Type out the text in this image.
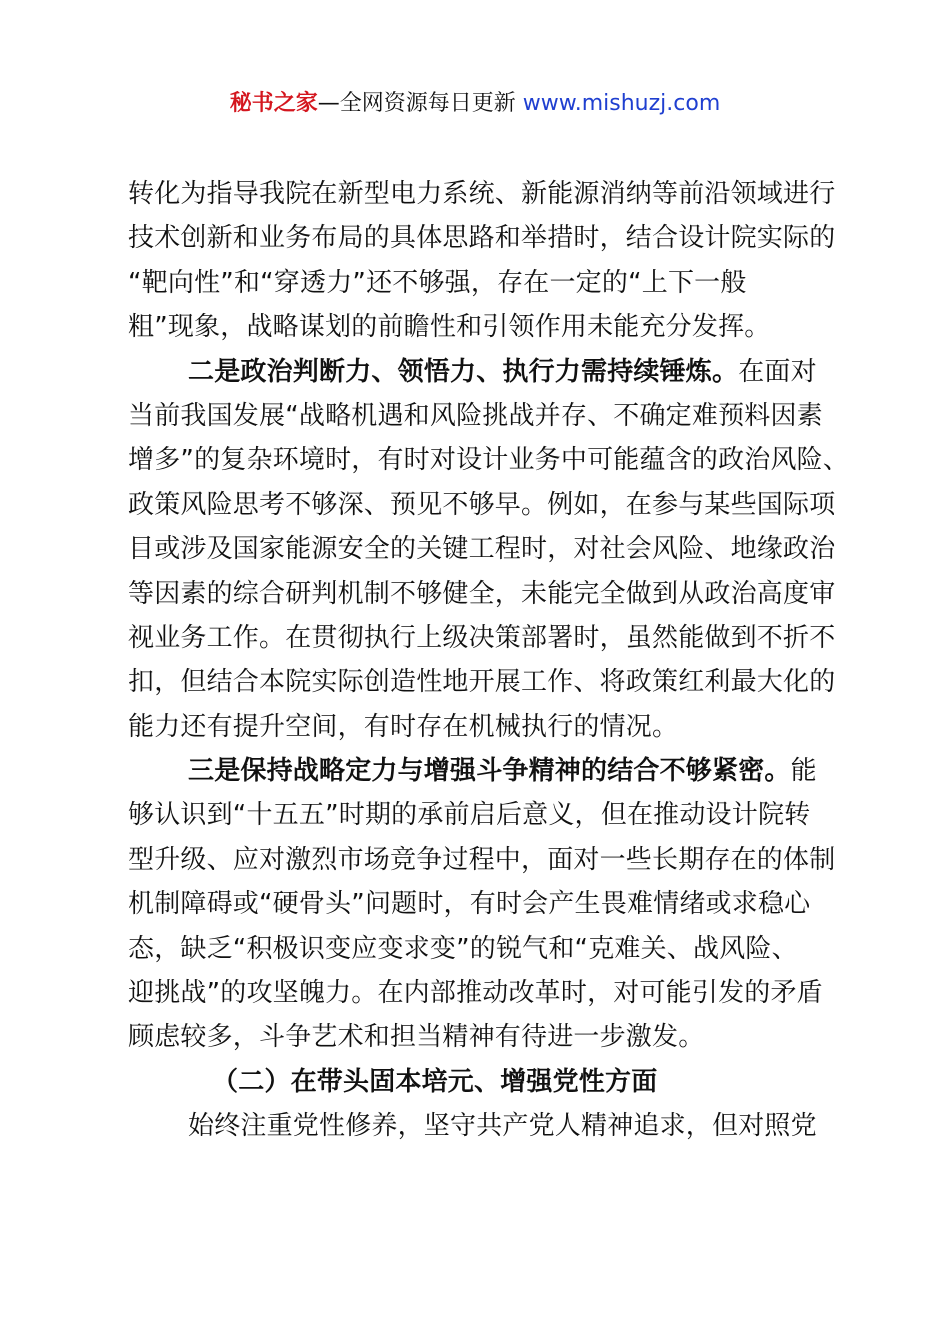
秘书之家—全网资源每日更新 www.mishuzj.com
转化为指导我院在新型电力系统、新能源消纳等前沿领域进行
技术创新和业务布局的具体思路和举措时，结合设计院实际的
“靶向性”和“穿透力”还不够强，存在一定的“上下一般
粗”现象，战略谋划的前瞻性和引领作用未能充分发挥。
二是政治判断力、领悟力、执行力需持续锤炼。在面对
当前我国发展“战略机遇和风险挑战并存、不确定难预料因素
增多”的复杂环境时，有时对设计业务中可能蕴含的政治风险、
政策风险思考不够深、预见不够早。例如，在参与某些国际项
目或涉及国家能源安全的关键工程时，对社会风险、地缘政治
等因素的综合研判机制不够健全，未能完全做到从政治高度审
视业务工作。在贯彻执行上级决策部署时，虽然能做到不折不
扣，但结合本院实际创造性地开展工作、将政策红利最大化的
能力还有提升空间，有时存在机械执行的情况。
三是保持战略定力与增强斗争精神的结合不够紧密。能
够认识到“十五五”时期的承前启后意义，但在推动设计院转
型升级、应对激烈市场竞争过程中，面对一些长期存在的体制
机制障碍或“硬骨头”问题时，有时会产生畏难情绪或求稳心
态，缺乏“积极识变应变求变”的锐气和“克难关、战风险、
迎挑战”的攻坚魄力。在内部推动改革时，对可能引发的矛盾
顾虑较多，斗争艺术和担当精神有待进一步激发。
（二）在带头固本培元、增强党性方面
始终注重党性修养，坚守共产党人精神追求，但对照党
